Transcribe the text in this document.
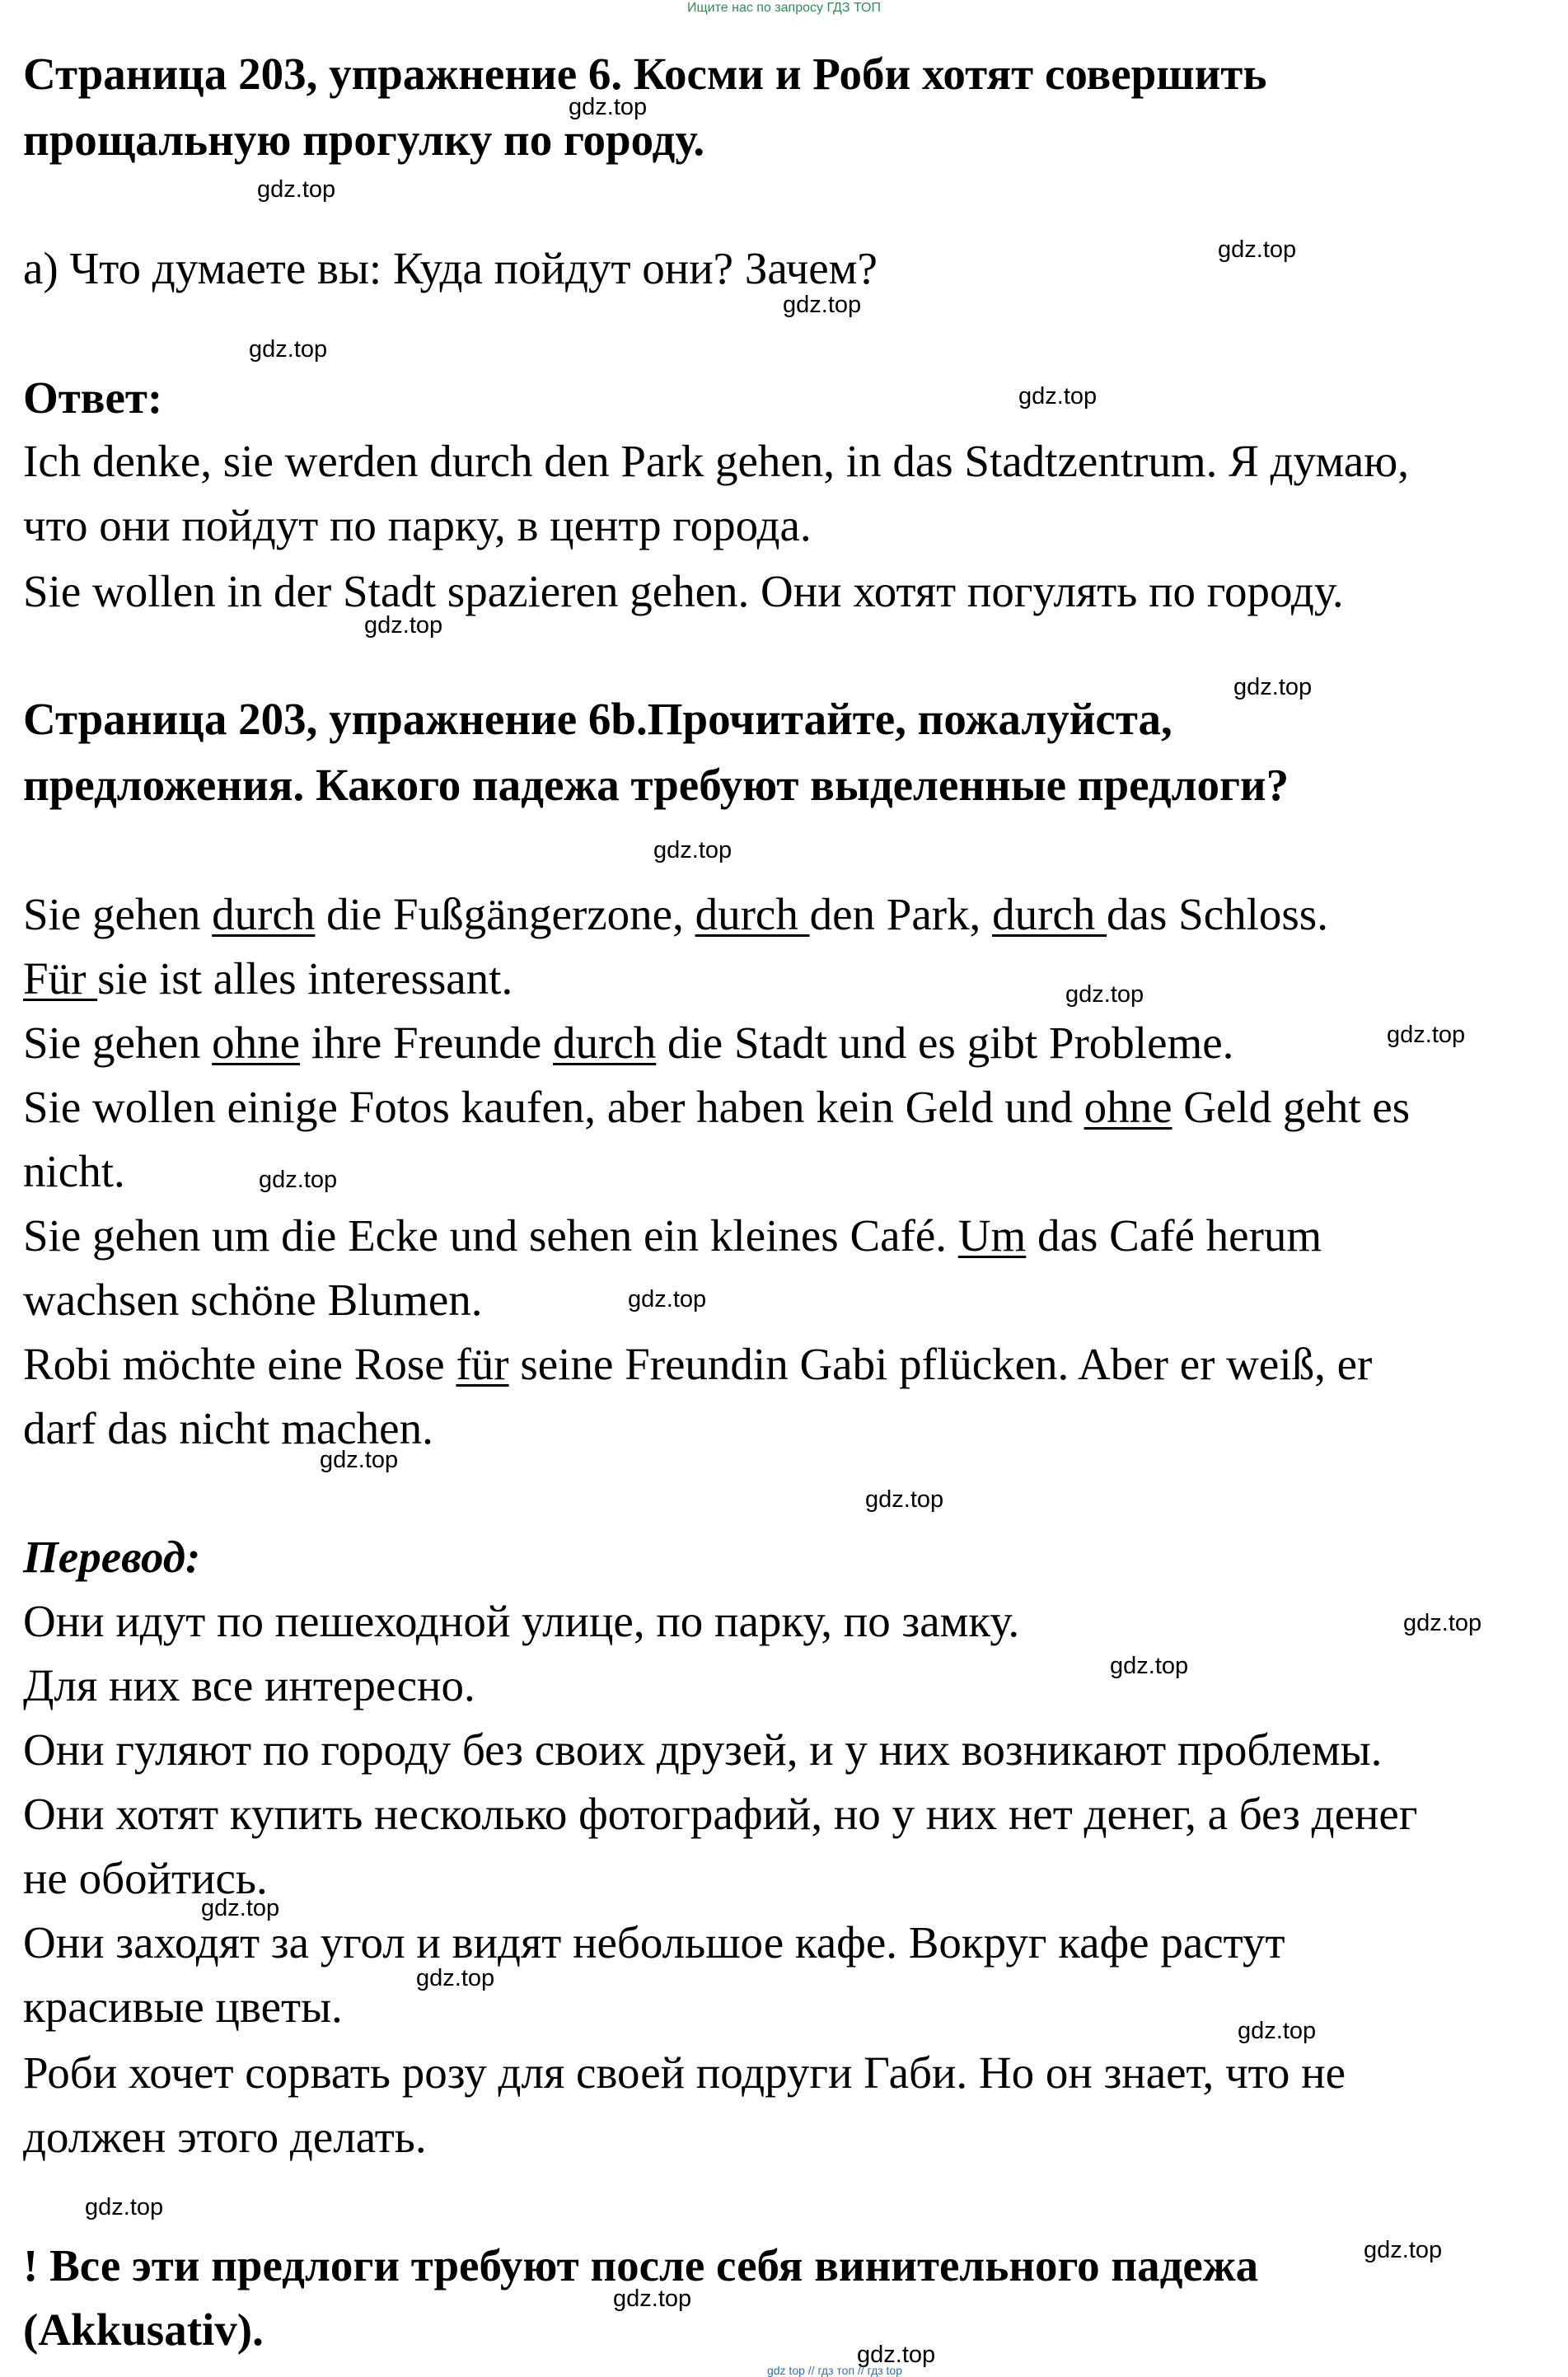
Ищите нас по запросу ГДЗ ТОП
Страница 203, упражнение 6. Косми и Роби хотят совершить
прощальную прогулку по городу.
а) Что думаете вы: Куда пойдут они? Зачем?
Ответ:
Ich denke, sie werden durch den Park gehen, in das Stadtzentrum. Я думаю,
что они пойдут по парку, в центр города.
Sie wollen in der Stadt spazieren gehen. Они хотят погулять по городу.
Страница 203, упражнение 6b.Прочитайте, пожалуйста,
предложения. Какого падежа требуют выделенные предлоги?
Sie gehen durch die Fußgängerzone, durch den Park, durch das Schloss.
Für sie ist alles interessant.
Sie gehen ohne ihre Freunde durch die Stadt und es gibt Probleme.
Sie wollen einige Fotos kaufen, aber haben kein Geld und ohne Geld geht es
nicht.
Sie gehen um die Ecke und sehen ein kleines Café. Um das Café herum
wachsen schöne Blumen.
Robi möchte eine Rose für seine Freundin Gabi pflücken. Aber er weiß, er
darf das nicht machen.
Перевод:
Они идут по пешеходной улице, по парку, по замку.
Для них все интересно.
Они гуляют по городу без своих друзей, и у них возникают проблемы.
Они хотят купить несколько фотографий, но у них нет денег, а без денег
не обойтись.
Они заходят за угол и видят небольшое кафе. Вокруг кафе растут
красивые цветы.
Роби хочет сорвать розу для своей подруги Габи. Но он знает, что не
должен этого делать.
! Все эти предлоги требуют после себя винительного падежа
(Akkusativ).
gdz.top
gdz.top
gdz.top
gdz.top
gdz.top
gdz.top
gdz.top
gdz.top
gdz.top
gdz.top
gdz.top
gdz.top
gdz.top
gdz.top
gdz.top
gdz.top
gdz.top
gdz.top
gdz.top
gdz.top
gdz.top
gdz.top
gdz.top
gdz.top
gdz top // гдз топ // гдз top
